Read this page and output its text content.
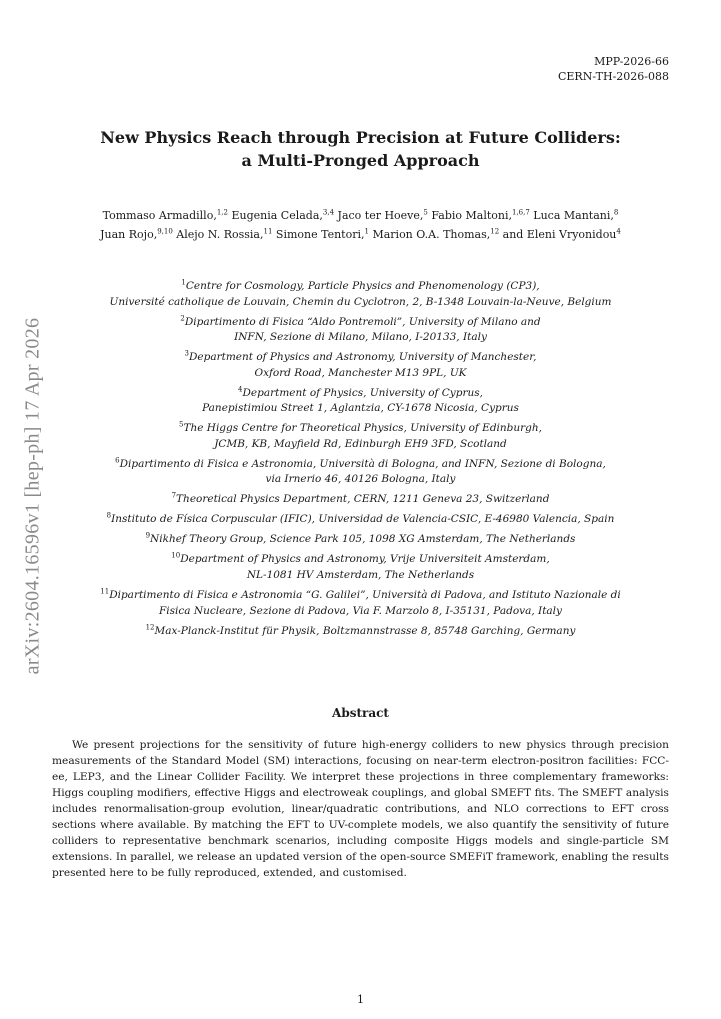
MPP-2026-66
CERN-TH-2026-088
arXiv:2604.16596v1 [hep-ph] 17 Apr 2026
New Physics Reach through Precision at Future Colliders:
a Multi-Pronged Approach
Tommaso Armadillo,$^{1,2}$ Eugenia Celada,$^{3,4}$ Jaco ter Hoeve,$^5$ Fabio Maltoni,$^{1,6,7}$ Luca Mantani,$^8$
Juan Rojo,$^{9,10}$ Alejo N. Rossia,$^{11}$ Simone Tentori,$^1$ Marion O.A. Thomas,$^{12}$ and Eleni Vryonidou$^4$
$^1$Centre for Cosmology, Particle Physics and Phenomenology (CP3),
Université catholique de Louvain, Chemin du Cyclotron, 2, B-1348 Louvain-la-Neuve, Belgium
$^2$Dipartimento di Fisica “Aldo Pontremoli”, University of Milano and
INFN, Sezione di Milano, Milano, I-20133, Italy
$^3$Department of Physics and Astronomy, University of Manchester,
Oxford Road, Manchester M13 9PL, UK
$^4$Department of Physics, University of Cyprus,
Panepistimiou Street 1, Aglantzia, CY-1678 Nicosia, Cyprus
$^5$The Higgs Centre for Theoretical Physics, University of Edinburgh,
JCMB, KB, Mayfield Rd, Edinburgh EH9 3FD, Scotland
$^6$Dipartimento di Fisica e Astronomia, Università di Bologna, and INFN, Sezione di Bologna,
via Irnerio 46, 40126 Bologna, Italy
$^7$Theoretical Physics Department, CERN, 1211 Geneva 23, Switzerland
$^8$Instituto de Física Corpuscular (IFIC), Universidad de Valencia-CSIC, E-46980 Valencia, Spain
$^9$Nikhef Theory Group, Science Park 105, 1098 XG Amsterdam, The Netherlands
$^{10}$Department of Physics and Astronomy, Vrije Universiteit Amsterdam,
NL-1081 HV Amsterdam, The Netherlands
$^{11}$Dipartimento di Fisica e Astronomia “G. Galilei”, Università di Padova, and Istituto Nazionale di
Fisica Nucleare, Sezione di Padova, Via F. Marzolo 8, I-35131, Padova, Italy
$^{12}$Max-Planck-Institut für Physik, Boltzmannstrasse 8, 85748 Garching, Germany
Abstract
We present projections for the sensitivity of future high-energy colliders to new physics through precision measurements of the Standard Model (SM) interactions, focusing on near-term electron-positron facilities: FCC-ee, LEP3, and the Linear Collider Facility. We interpret these projections in three complementary frameworks: Higgs coupling modifiers, effective Higgs and electroweak couplings, and global SMEFT fits. The SMEFT analysis includes renormalisation-group evolution, linear/quadratic contributions, and NLO corrections to EFT cross sections where available. By matching the EFT to UV-complete models, we also quantify the sensitivity of future colliders to representative benchmark scenarios, including composite Higgs models and single-particle SM extensions. In parallel, we release an updated version of the open-source SMEFiT framework, enabling the results presented here to be fully reproduced, extended, and customised.
1
